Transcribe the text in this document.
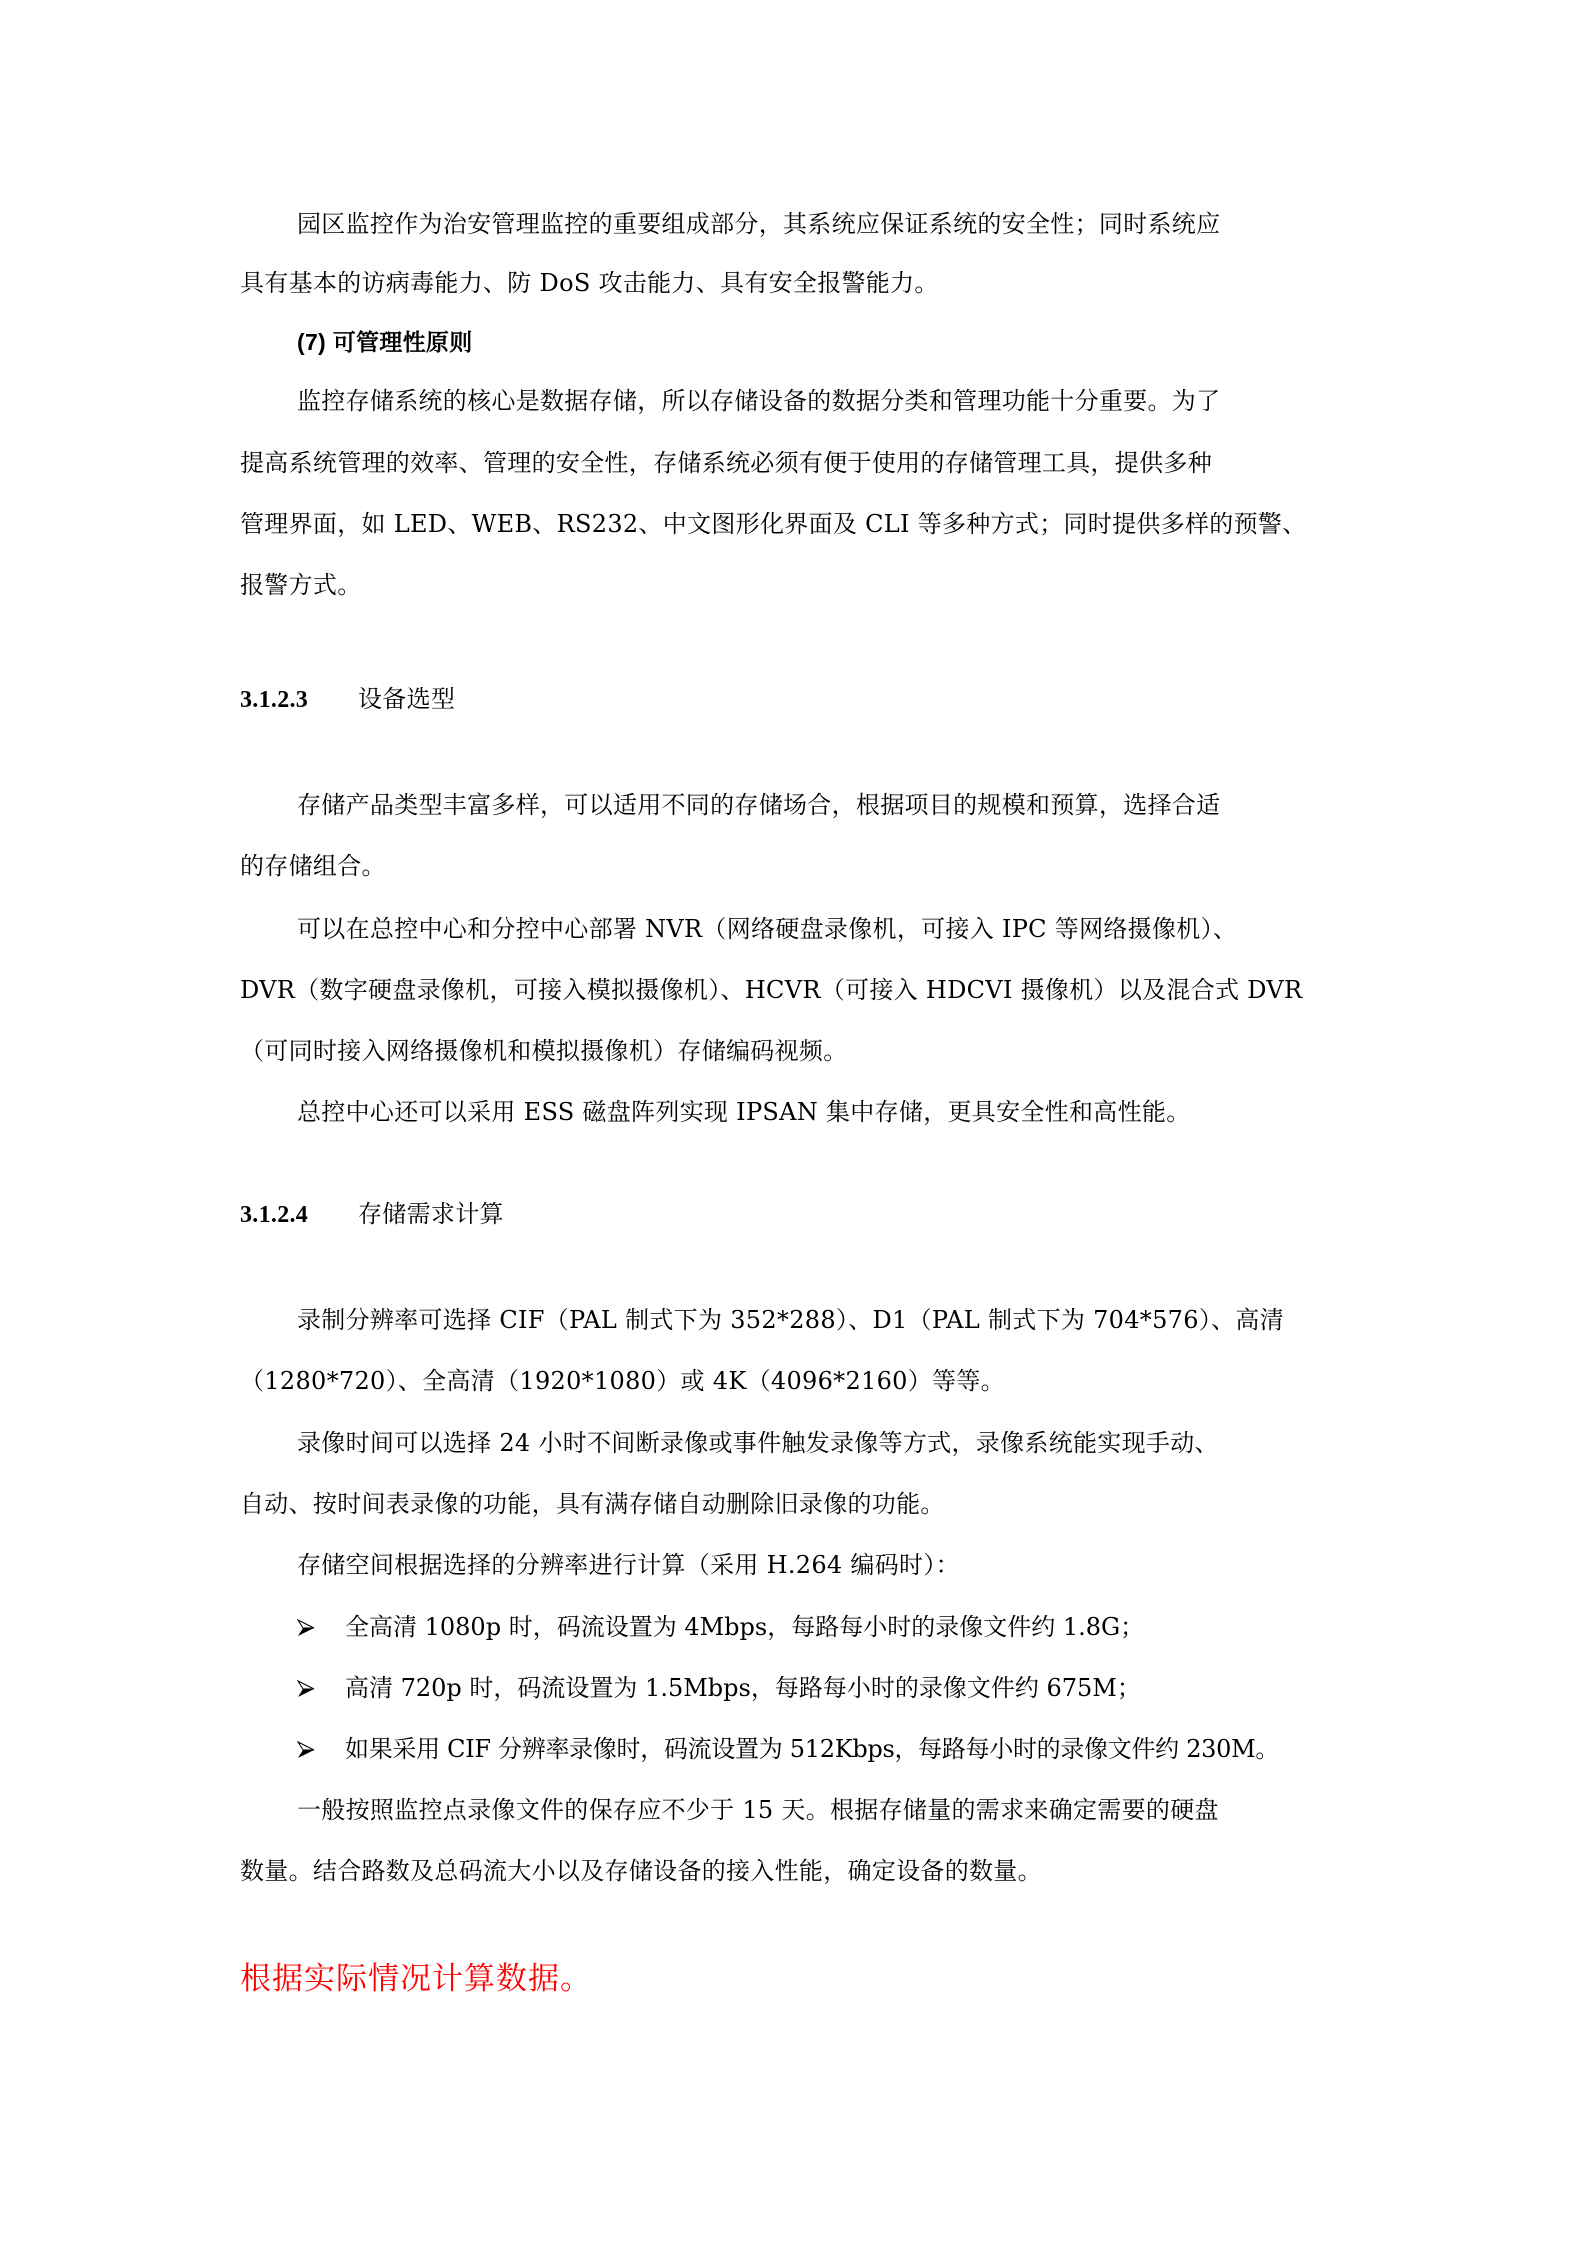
园区监控作为治安管理监控的重要组成部分，其系统应保证系统的安全性；同时系统应
具有基本的访病毒能力、防 DoS 攻击能力、具有安全报警能力。
(7) 可管理性原则
监控存储系统的核心是数据存储，所以存储设备的数据分类和管理功能十分重要。为了
提高系统管理的效率、管理的安全性，存储系统必须有便于使用的存储管理工具，提供多种
管理界面，如 LED、WEB、RS232、中文图形化界面及 CLI 等多种方式；同时提供多样的预警、
报警方式。
3.1.2.3 设备选型
存储产品类型丰富多样，可以适用不同的存储场合，根据项目的规模和预算，选择合适
的存储组合。
可以在总控中心和分控中心部署 NVR（网络硬盘录像机，可接入 IPC 等网络摄像机）、
DVR（数字硬盘录像机，可接入模拟摄像机）、HCVR（可接入 HDCVI 摄像机）以及混合式 DVR
（可同时接入网络摄像机和模拟摄像机）存储编码视频。
总控中心还可以采用 ESS 磁盘阵列实现 IPSAN 集中存储，更具安全性和高性能。
3.1.2.4 存储需求计算
录制分辨率可选择 CIF（PAL 制式下为 352*288）、D1（PAL 制式下为 704*576）、高清
（1280*720）、全高清（1920*1080）或 4K（4096*2160）等等。
录像时间可以选择 24 小时不间断录像或事件触发录像等方式，录像系统能实现手动、
自动、按时间表录像的功能，具有满存储自动删除旧录像的功能。
存储空间根据选择的分辨率进行计算（采用 H.264 编码时）：
全高清 1080p 时，码流设置为 4Mbps，每路每小时的录像文件约 1.8G；
高清 720p 时，码流设置为 1.5Mbps，每路每小时的录像文件约 675M；
如果采用 CIF 分辨率录像时，码流设置为 512Kbps，每路每小时的录像文件约 230M。
一般按照监控点录像文件的保存应不少于 15 天。根据存储量的需求来确定需要的硬盘
数量。结合路数及总码流大小以及存储设备的接入性能，确定设备的数量。
根据实际情况计算数据。
